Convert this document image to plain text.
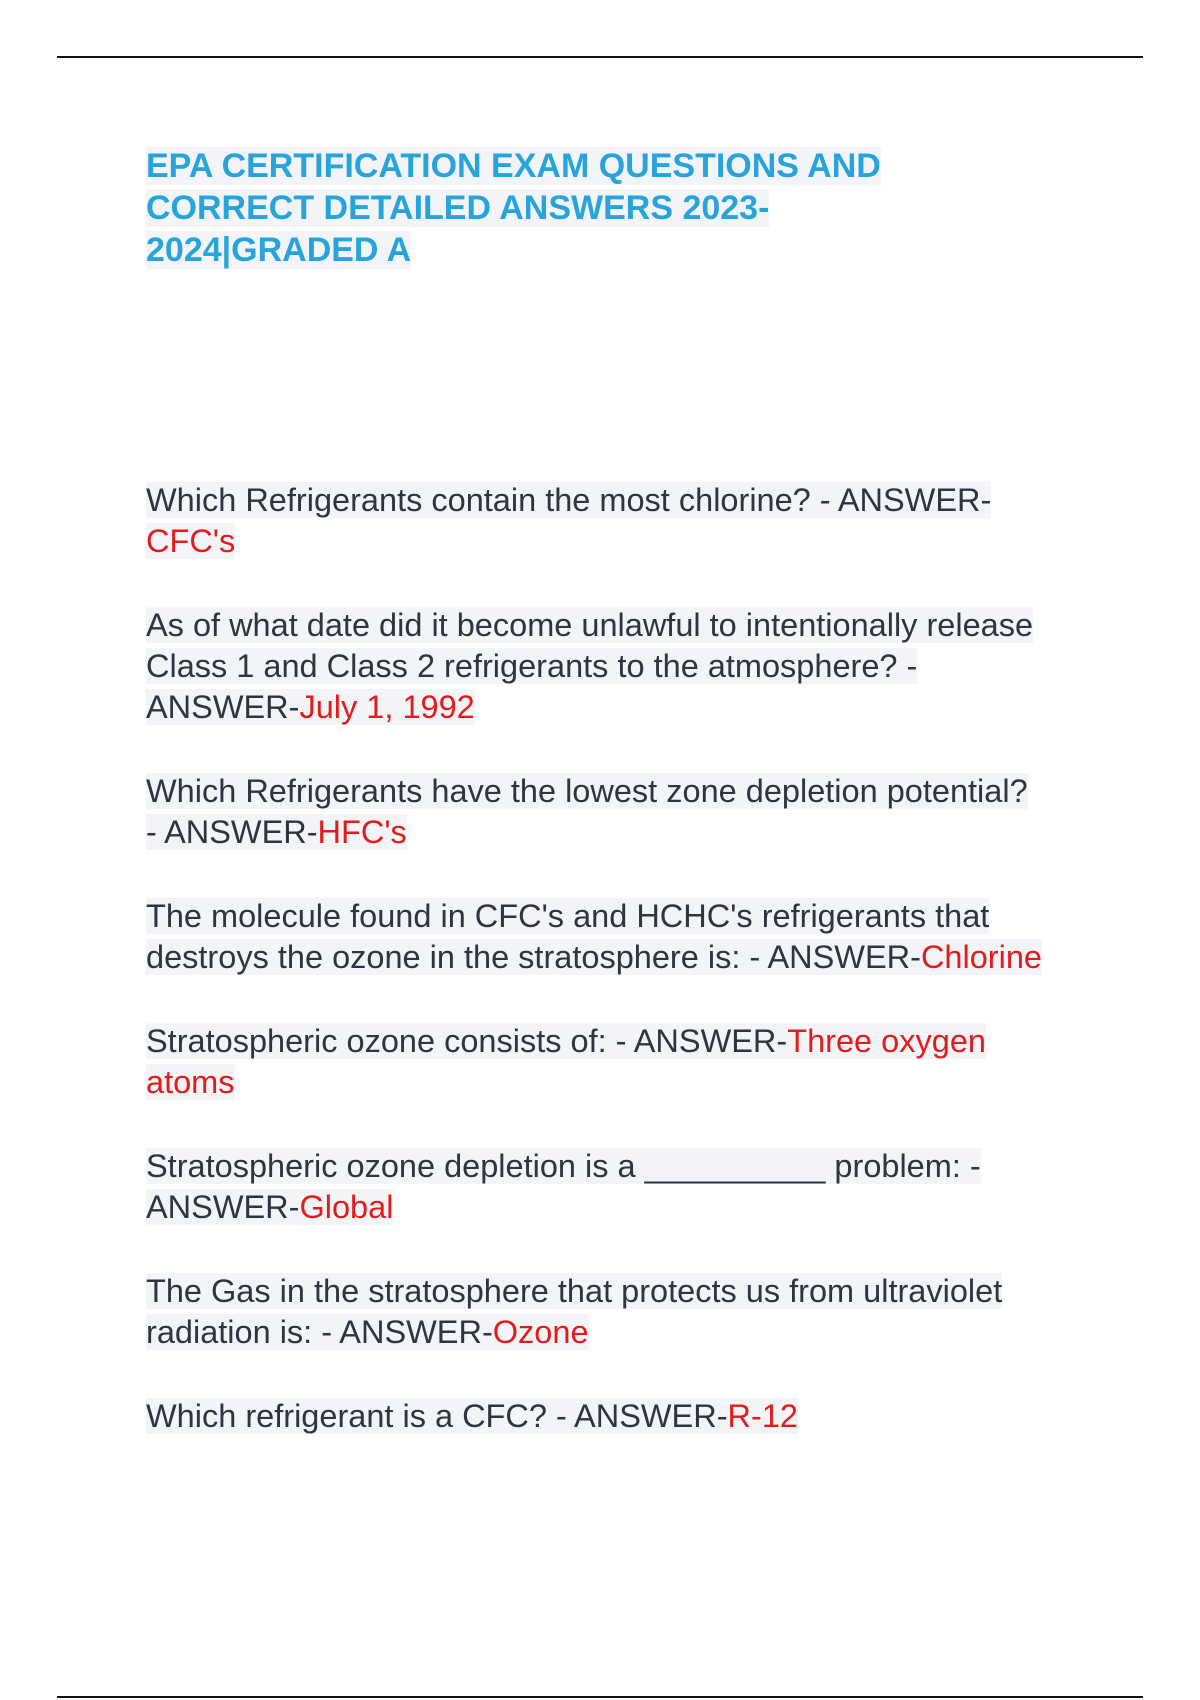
EPA CERTIFICATION EXAM QUESTIONS AND CORRECT DETAILED ANSWERS 2023-2024|GRADED A
Which Refrigerants contain the most chlorine? - ANSWER-CFC's
As of what date did it become unlawful to intentionally release Class 1 and Class 2 refrigerants to the atmosphere? - ANSWER-July 1, 1992
Which Refrigerants have the lowest zone depletion potential? - ANSWER-HFC's
The molecule found in CFC's and HCHC's refrigerants that destroys the ozone in the stratosphere is: - ANSWER-Chlorine
Stratospheric ozone consists of: - ANSWER-Three oxygen atoms
Stratospheric ozone depletion is a __________ problem: - ANSWER-Global
The Gas in the stratosphere that protects us from ultraviolet radiation is: - ANSWER-Ozone
Which refrigerant is a CFC? - ANSWER-R-12
